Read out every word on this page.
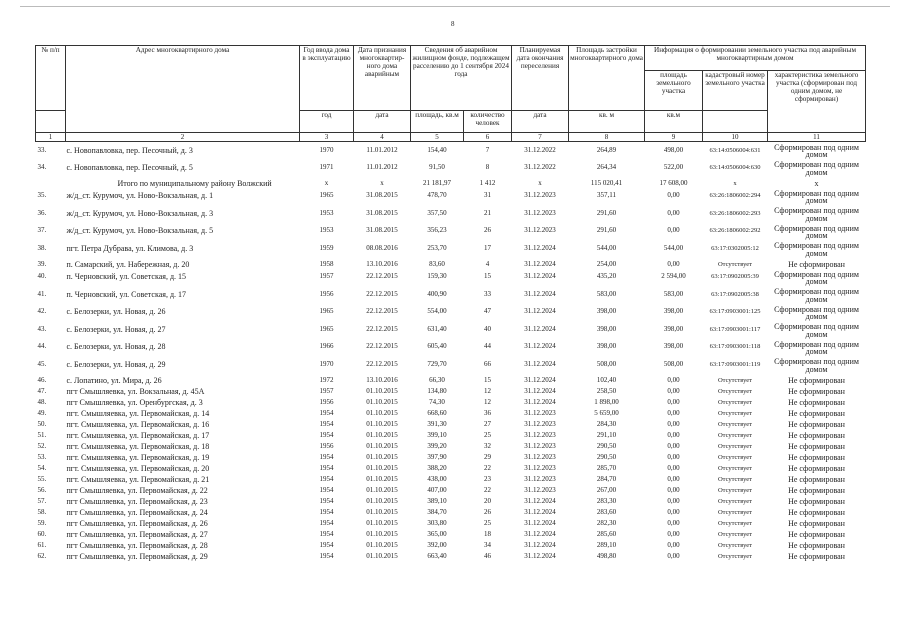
8
№ п/п	Адрес многоквартирного дома	Год ввода дома в эксплуатацию	Дата признания многоквартир-ного дома аварийным	Сведения об аварийном жилищном фонде, подлежащем расселению до 1 сентября 2024 года		Планируемая дата окончания переселения	Площадь застройки многоквартирного дома	Информация о формировании земельного участка под аварийным многоквартирным домом		
								площадь земельного участка	кадастровый номер земельного участка	характеристика земельного участка (сформирован под одним домом, не сформирован)
		год	дата	площадь, кв.м	количество человек	дата	кв. м	кв.м		
1	2	3	4	5	6	7	8	9	10	11
33.	с. Новопавловка, пер. Песочный, д. 3	1970	11.01.2012	154,40	7	31.12.2022	264,89	498,00	63:14:0506004:631	Сформирован под одним домом
34.	с. Новопавловка, пер. Песочный, д. 5	1971	11.01.2012	91,50	8	31.12.2022	264,34	522,00	63:14:0506004:630	Сформирован под одним домом
	Итого по муниципальному району Волжский	х	х	21 181,97	1 412	х	115 020,41	17 608,00	х	х
35.	ж/д_ст. Курумоч, ул. Ново-Вокзальная, д. 1	1965	31.08.2015	478,70	31	31.12.2023	357,11	0,00	63:26:1806002:294	Сформирован под одним домом
36.	ж/д_ст. Курумоч, ул. Ново-Вокзальная, д. 3	1953	31.08.2015	357,50	21	31.12.2023	291,60	0,00	63:26:1806002:293	Сформирован под одним домом
37.	ж/д_ст. Курумоч, ул. Ново-Вокзальная, д. 5	1953	31.08.2015	356,23	26	31.12.2023	291,60	0,00	63:26:1806002:292	Сформирован под одним домом
38.	пгт. Петра Дубрава, ул. Климова, д. 3	1959	08.08.2016	253,70	17	31.12.2024	544,00	544,00	63:17:0302005:12	Сформирован под одним домом
39.	п. Самарский, ул. Набережная, д. 20	1958	13.10.2016	83,60	4	31.12.2024	254,00	0,00	Отсутствует	Не сформирован
40.	п. Черновский, ул. Советская, д. 15	1957	22.12.2015	159,30	15	31.12.2024	435,20	2 594,00	63:17:0902005:39	Сформирован под одним домом
41.	п. Черновский, ул. Советская, д. 17	1956	22.12.2015	400,90	33	31.12.2024	583,00	583,00	63:17:0902005:38	Сформирован под одним домом
42.	с. Белозерки, ул. Новая, д. 26	1965	22.12.2015	554,00	47	31.12.2024	398,00	398,00	63:17:0903001:125	Сформирован под одним домом
43.	с. Белозерки, ул. Новая, д. 27	1965	22.12.2015	631,40	40	31.12.2024	398,00	398,00	63:17:0903001:117	Сформирован под одним домом
44.	с. Белозерки, ул. Новая, д. 28	1966	22.12.2015	605,40	44	31.12.2024	398,00	398,00	63:17:0903001:118	Сформирован под одним домом
45.	с. Белозерки, ул. Новая, д. 29	1970	22.12.2015	729,70	66	31.12.2024	508,00	508,00	63:17:0903001:119	Сформирован под одним домом
46.	с. Лопатино, ул. Мира, д. 26	1972	13.10.2016	66,30	15	31.12.2024	102,40	0,00	Отсутствует	Не сформирован
47.	пгт Смышляевка, ул. Вокзальная, д. 45А	1957	01.10.2015	134,80	12	31.12.2024	258,50	0,00	Отсутствует	Не сформирован
48.	пгт Смышляевка, ул. Оренбургская, д. 3	1956	01.10.2015	74,30	12	31.12.2024	1 898,00	0,00	Отсутствует	Не сформирован
49.	пгт. Смышляевка, ул. Первомайская, д. 14	1954	01.10.2015	668,60	36	31.12.2023	5 659,00	0,00	Отсутствует	Не сформирован
50.	пгт. Смышляевка, ул. Первомайская, д. 16	1954	01.10.2015	391,30	27	31.12.2023	284,30	0,00	Отсутствует	Не сформирован
51.	пгт. Смышляевка, ул. Первомайская, д. 17	1954	01.10.2015	399,10	25	31.12.2023	291,10	0,00	Отсутствует	Не сформирован
52.	пгт. Смышляевка, ул. Первомайская, д. 18	1956	01.10.2015	399,20	32	31.12.2023	290,50	0,00	Отсутствует	Не сформирован
53.	пгт. Смышляевка, ул. Первомайская, д. 19	1954	01.10.2015	397,90	29	31.12.2023	290,50	0,00	Отсутствует	Не сформирован
54.	пгт. Смышляевка, ул. Первомайская, д. 20	1954	01.10.2015	388,20	22	31.12.2023	285,70	0,00	Отсутствует	Не сформирован
55.	пгт. Смышляевка, ул. Первомайская, д. 21	1954	01.10.2015	438,00	23	31.12.2023	284,70	0,00	Отсутствует	Не сформирован
56.	пгт Смышляевка, ул. Первомайская, д. 22	1954	01.10.2015	407,00	22	31.12.2023	267,00	0,00	Отсутствует	Не сформирован
57.	пгт Смышляевка, ул. Первомайская, д. 23	1954	01.10.2015	389,10	20	31.12.2024	283,30	0,00	Отсутствует	Не сформирован
58.	пгт Смышляевка, ул. Первомайская, д. 24	1954	01.10.2015	384,70	26	31.12.2024	283,60	0,00	Отсутствует	Не сформирован
59.	пгт Смышляевка, ул. Первомайская, д. 26	1954	01.10.2015	303,80	25	31.12.2024	282,30	0,00	Отсутствует	Не сформирован
60.	пгт Смышляевка, ул. Первомайская, д. 27	1954	01.10.2015	365,00	18	31.12.2024	285,60	0,00	Отсутствует	Не сформирован
61.	пгт Смышляевка, ул. Первомайская, д. 28	1954	01.10.2015	392,00	34	31.12.2024	289,10	0,00	Отсутствует	Не сформирован
62.	пгт Смышляевка, ул. Первомайская, д. 29	1954	01.10.2015	663,40	46	31.12.2024	498,80	0,00	Отсутствует	Не сформирован
